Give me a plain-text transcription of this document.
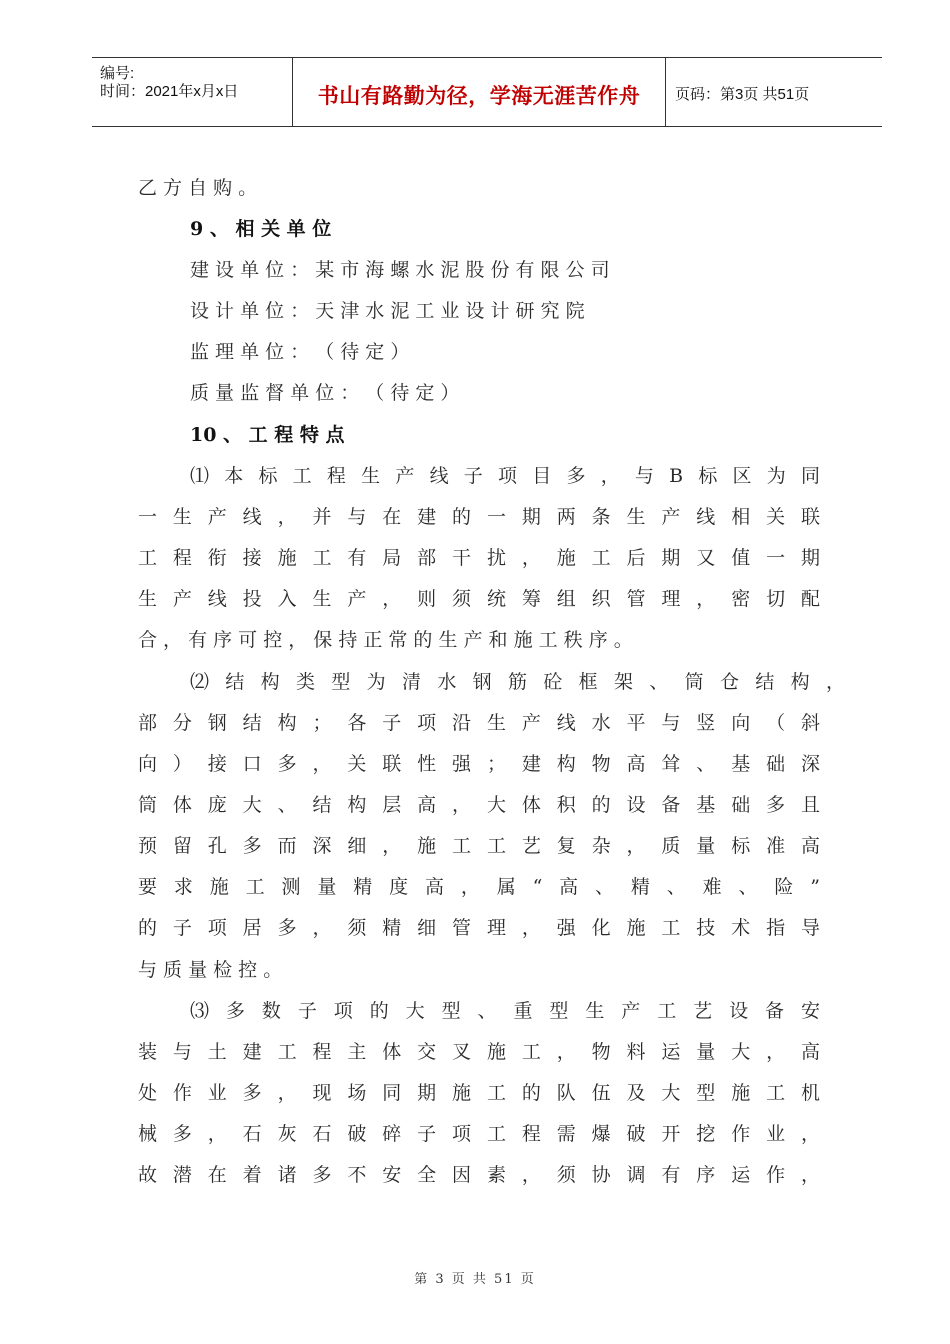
编号:
时间：2021年x月x日	书山有路勤为径，学海无涯苦作舟	页码：第3页 共51页
乙 方 自 购 。
9 、 相 关 单 位
建 设 单 位 ： 某 市 海 螺 水 泥 股 份 有 限 公 司
设 计 单 位 ： 天 津 水 泥 工 业 设 计 研 究 院
监 理 单 位 ： （ 待 定 ）
质 量 监 督 单 位 ： （ 待 定 ）
10 、 工 程 特 点
⑴本标工程生产线子项目多，与B标区为同
一生产线，并与在建的一期两条生产线相关联
工程衔接施工有局部干扰，施工后期又值一期
生产线投入生产，则须统筹组织管理，密切配
合 ， 有 序 可 控 ， 保 持 正 常 的 生 产 和 施 工 秩 序 。
⑵结构类型为清水钢筋砼框架、筒仓结构，
部分钢结构；各子项沿生产线水平与竖向（斜
向）接口多，关联性强；建构物高耸、基础深
筒体庞大、结构层高，大体积的设备基础多且
预留孔多而深细，施工工艺复杂，质量标准高
要求施工测量精度高，属“高、精、难、险”
的子项居多，须精细管理，强化施工技术指导
与 质 量 检 控 。
⑶多数子项的大型、重型生产工艺设备安
装与土建工程主体交叉施工，物料运量大，高
处作业多，现场同期施工的队伍及大型施工机
械多，石灰石破碎子项工程需爆破开挖作业，
故潜在着诸多不安全因素，须协调有序运作，
第 3 页 共 51 页
